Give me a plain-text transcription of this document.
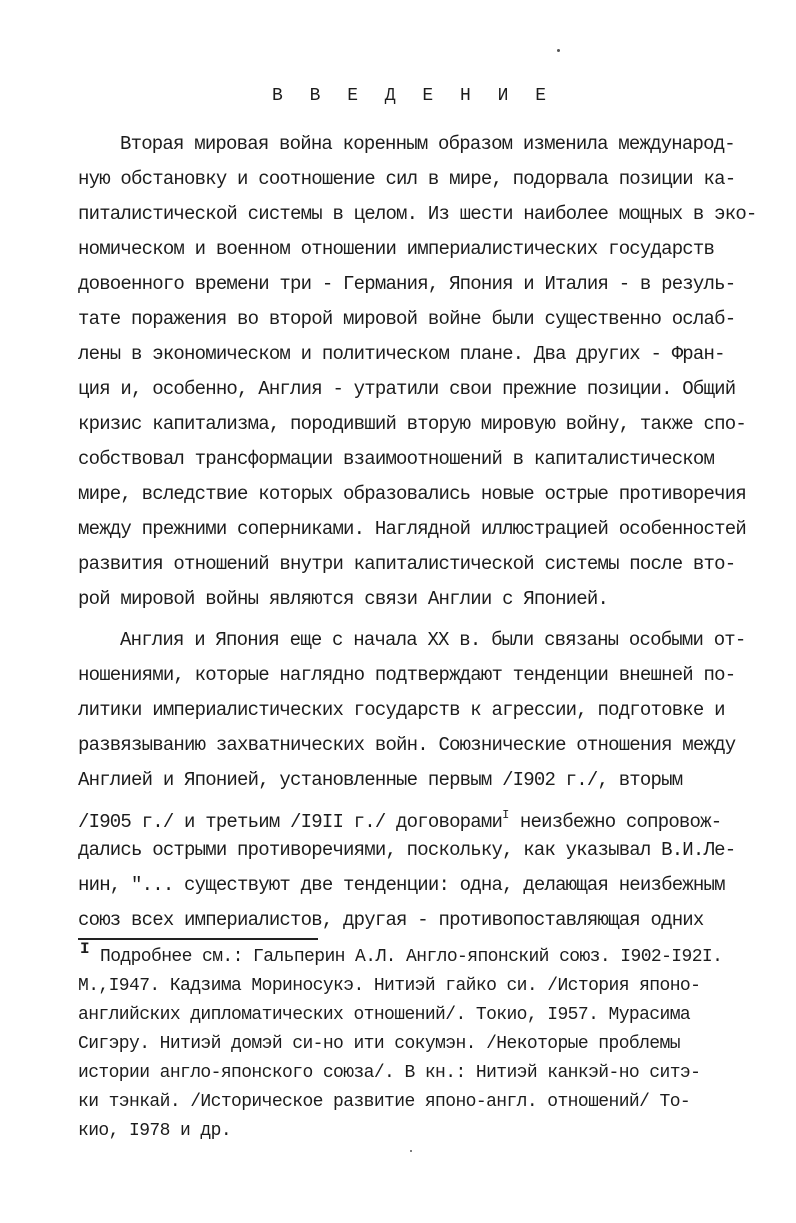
В В Е Д Е Н И Е
Вторая мировая война коренным образом изменила международ-
ную обстановку и соотношение сил в мире, подорвала позиции ка-
питалистической системы в целом. Из шести наиболее мощных в эко-
номическом и военном отношении империалистических государств
довоенного времени три - Германия, Япония и Италия - в резуль-
тате поражения во второй мировой войне были существенно ослаб-
лены в экономическом и политическом плане. Два других - Фран-
ция и, особенно, Англия - утратили свои прежние позиции. Общий
кризис капитализма, породивший вторую мировую войну, также спо-
собствовал трансформации взаимоотношений в капиталистическом
мире, вследствие которых образовались новые острые противоречия
между прежними соперниками. Наглядной иллюстрацией особенностей
развития отношений внутри капиталистической системы после вто-
рой мировой войны являются связи Англии с Японией.
Англия и Япония еще с начала XX в. были связаны особыми от-
ношениями, которые наглядно подтверждают тенденции внешней по-
литики империалистических государств к агрессии, подготовке и
развязыванию захватнических войн. Союзнические отношения между
Англией и Японией, установленные первым /I902 г./, вторым
/I905 г./ и третьим /I9II г./ договорами$^I$ неизбежно сопровож-
дались острыми противоречиями, поскольку, как указывал В.И.Ле-
нин, "... существуют две тенденции: одна, делающая неизбежным
союз всех империалистов, другая - противопоставляющая одних
I Подробнее см.: Гальперин А.Л. Англо-японский союз. I902-I92I.
М.,I947. Кадзима Мориносукэ. Нитиэй гайко си. /История японо-
английских дипломатических отношений/. Токио, I957. Мурасима
Сигэру. Нитиэй домэй си-но ити сокумэн. /Некоторые проблемы
истории англо-японского союза/. В кн.: Нитиэй канкэй-но ситэ-
ки тэнкай. /Историческое развитие японо-англ. отношений/ То-
кио, I978 и др.
